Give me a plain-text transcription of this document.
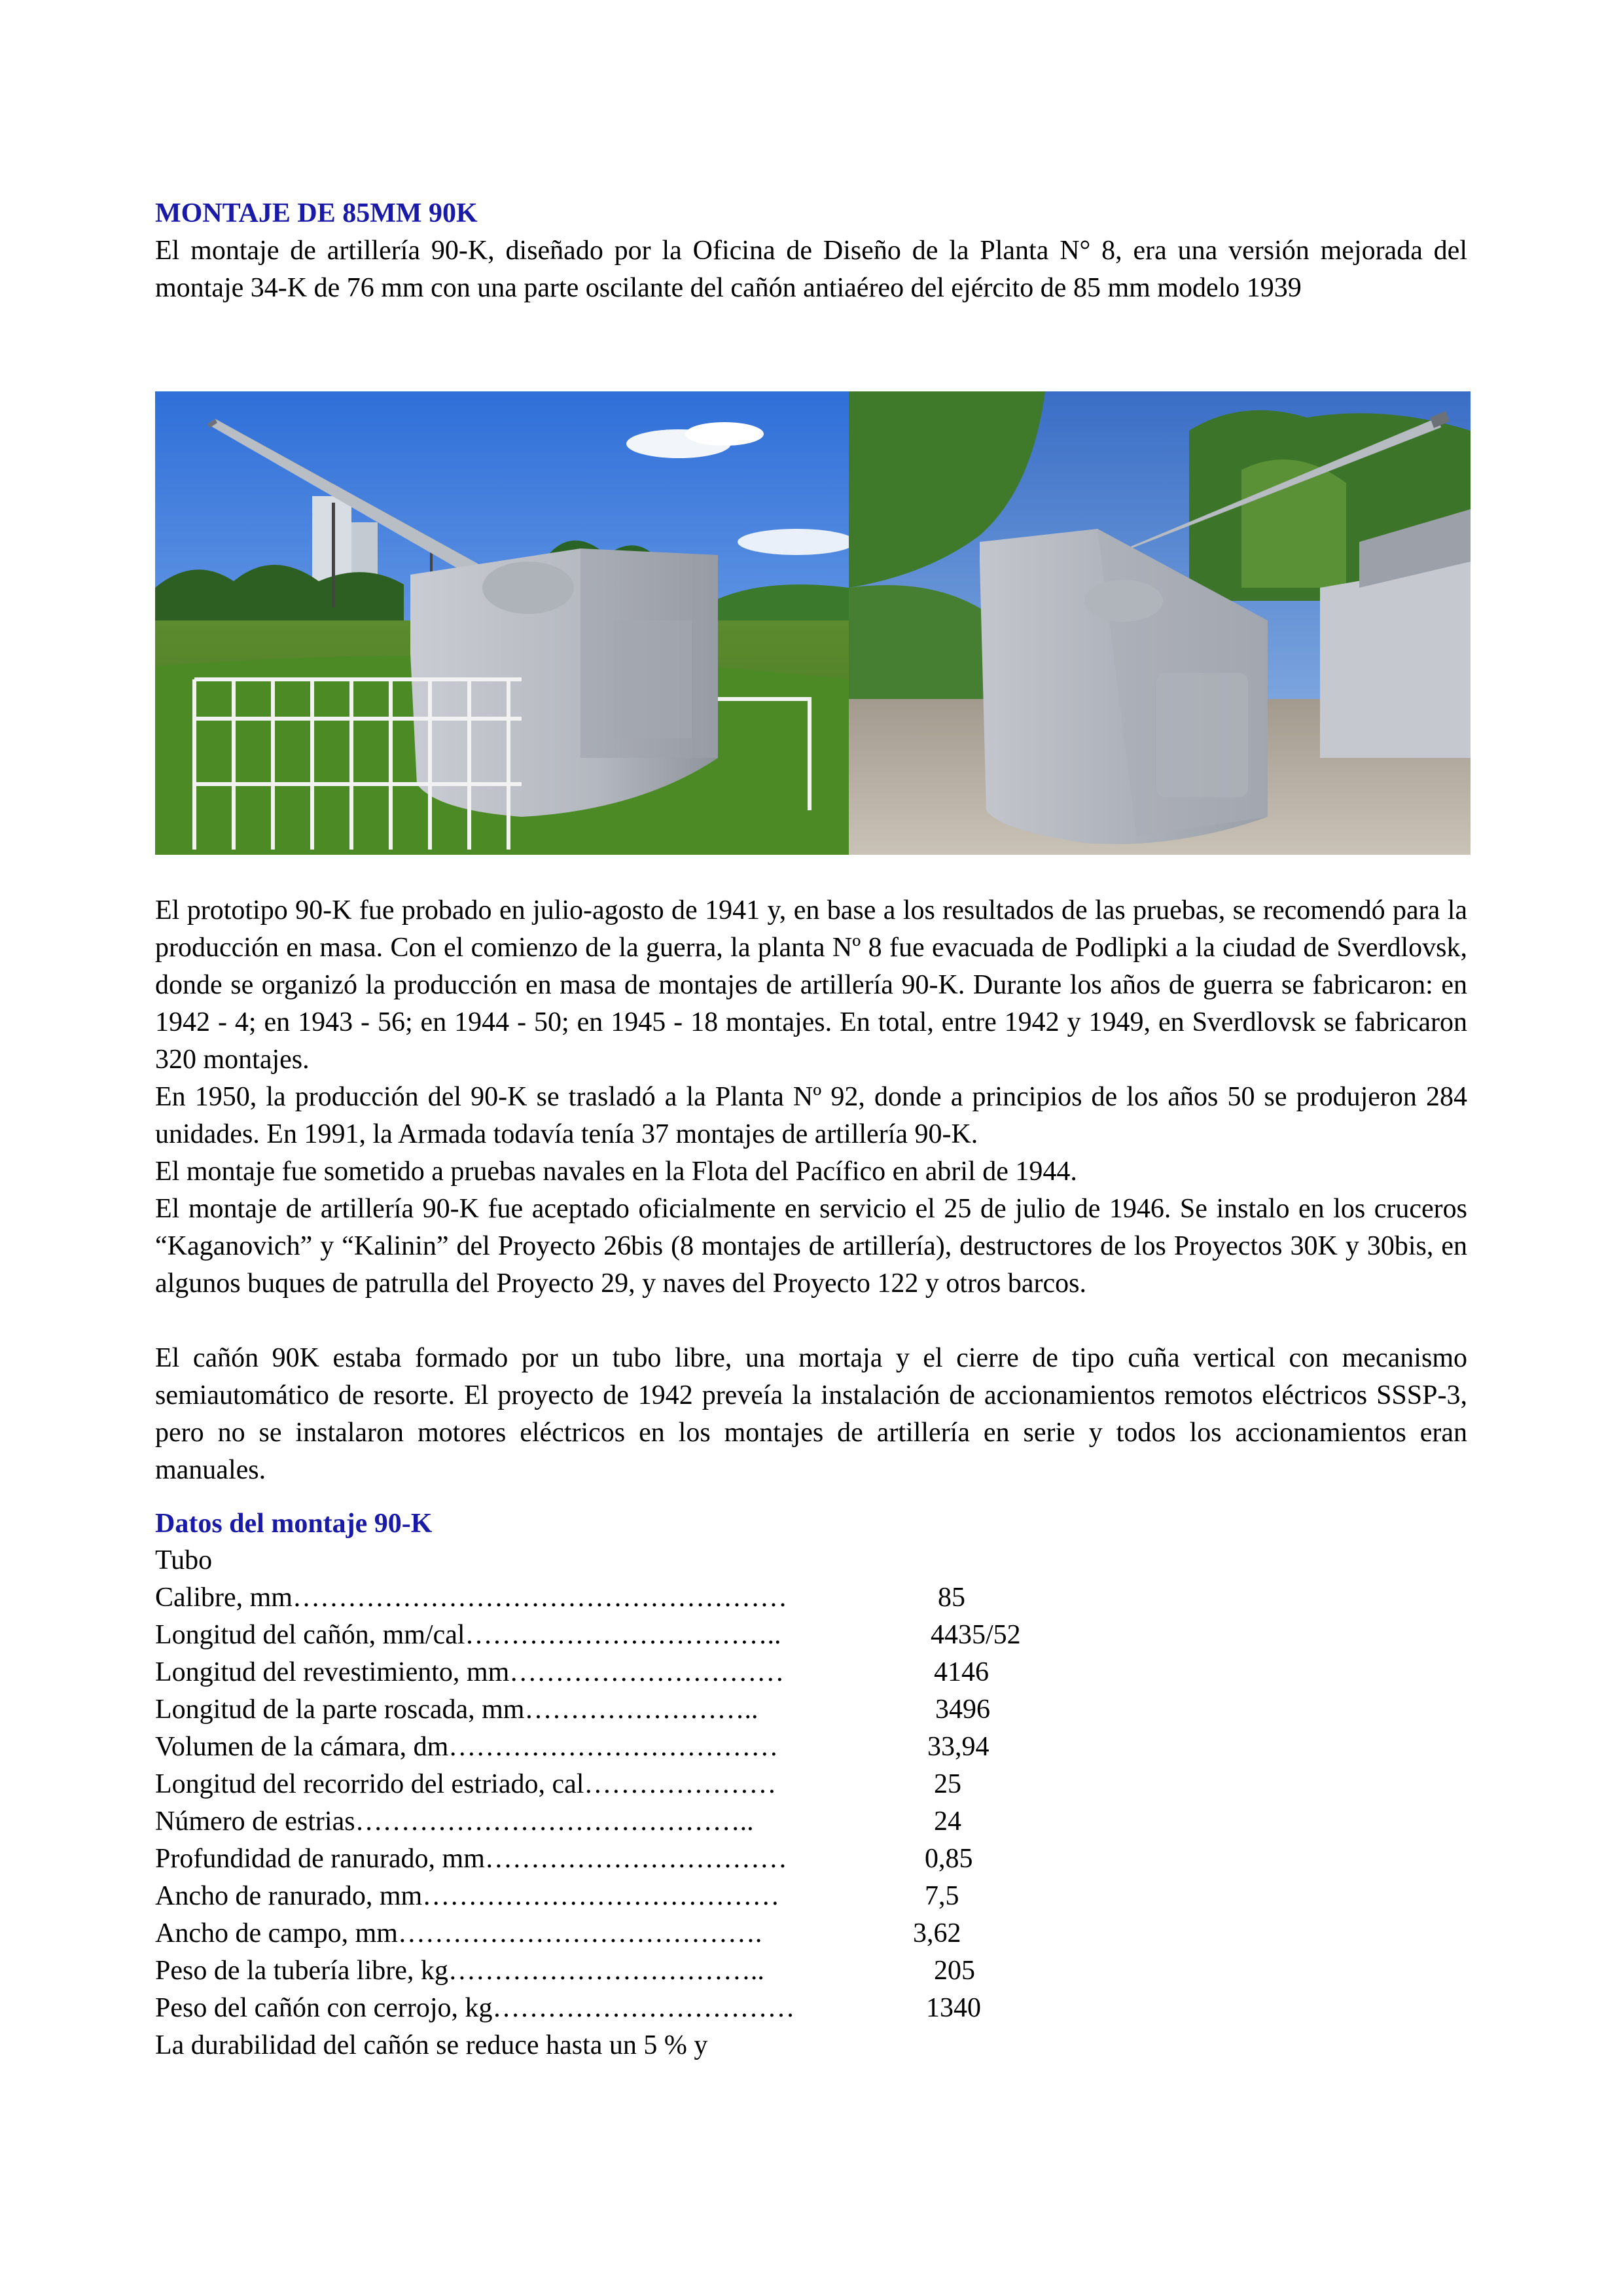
MONTAJE DE 85MM 90K

El montaje de artillería 90-K, diseñado por la Oficina de Diseño de la Planta N° 8, era una versión mejorada del montaje 34-K de 76 mm con una parte oscilante del cañón antiaéreo del ejército de 85 mm modelo 1939

El prototipo 90-K fue probado en julio-agosto de 1941 y, en base a los resultados de las pruebas, se recomendó para la producción en masa. Con el comienzo de la guerra, la planta Nº 8 fue evacuada de Podlipki a la ciudad de Sverdlovsk, donde se organizó la producción en masa de montajes de artillería 90-K. Durante los años de guerra se fabricaron: en 1942 - 4; en 1943 - 56; en 1944 - 50; en 1945 - 18 montajes. En total, entre 1942 y 1949, en Sverdlovsk se fabricaron 320 montajes.

En 1950, la producción del 90-K se trasladó a la Planta Nº 92, donde a principios de los años 50 se produjeron 284 unidades. En 1991, la Armada todavía tenía 37 montajes de artillería 90-K.

El montaje fue sometido a pruebas navales en la Flota del Pacífico en abril de 1944.

El montaje de artillería 90-K fue aceptado oficialmente en servicio el 25 de julio de 1946. Se instalo en los cruceros “Kaganovich” y “Kalinin” del Proyecto 26bis (8 montajes de artillería), destructores de los Proyectos 30K y 30bis, en algunos buques de patrulla del Proyecto 29, y naves del Proyecto 122 y otros barcos.

El cañón 90K estaba formado por un tubo libre, una mortaja y el cierre de tipo cuña vertical con mecanismo semiautomático de resorte. El proyecto de 1942 preveía la instalación de accionamientos remotos eléctricos SSSP-3, pero no se instalaron motores eléctricos en los montajes de artillería en serie y todos los accionamientos eran manuales.

Datos del montaje 90-K
Tubo
Calibre, mm………………………………………………	85
Longitud del cañón, mm/cal……………………………..	4435/52
Longitud del revestimiento, mm…………………………	4146
Longitud de la parte roscada, mm……………………..	3496
Volumen de la cámara, dm………………………………	33,94
Longitud del recorrido del estriado, cal…………………	25
Número de estrias……………………………………..	24
Profundidad de ranurado, mm……………………………	0,85
Ancho de ranurado, mm…………………………………	7,5
Ancho de campo, mm………………………………….	3,62
Peso de la tubería libre, kg……………………………..	205
Peso del cañón con cerrojo, kg……………………………	1340
La durabilidad del cañón se reduce hasta un 5 % y
